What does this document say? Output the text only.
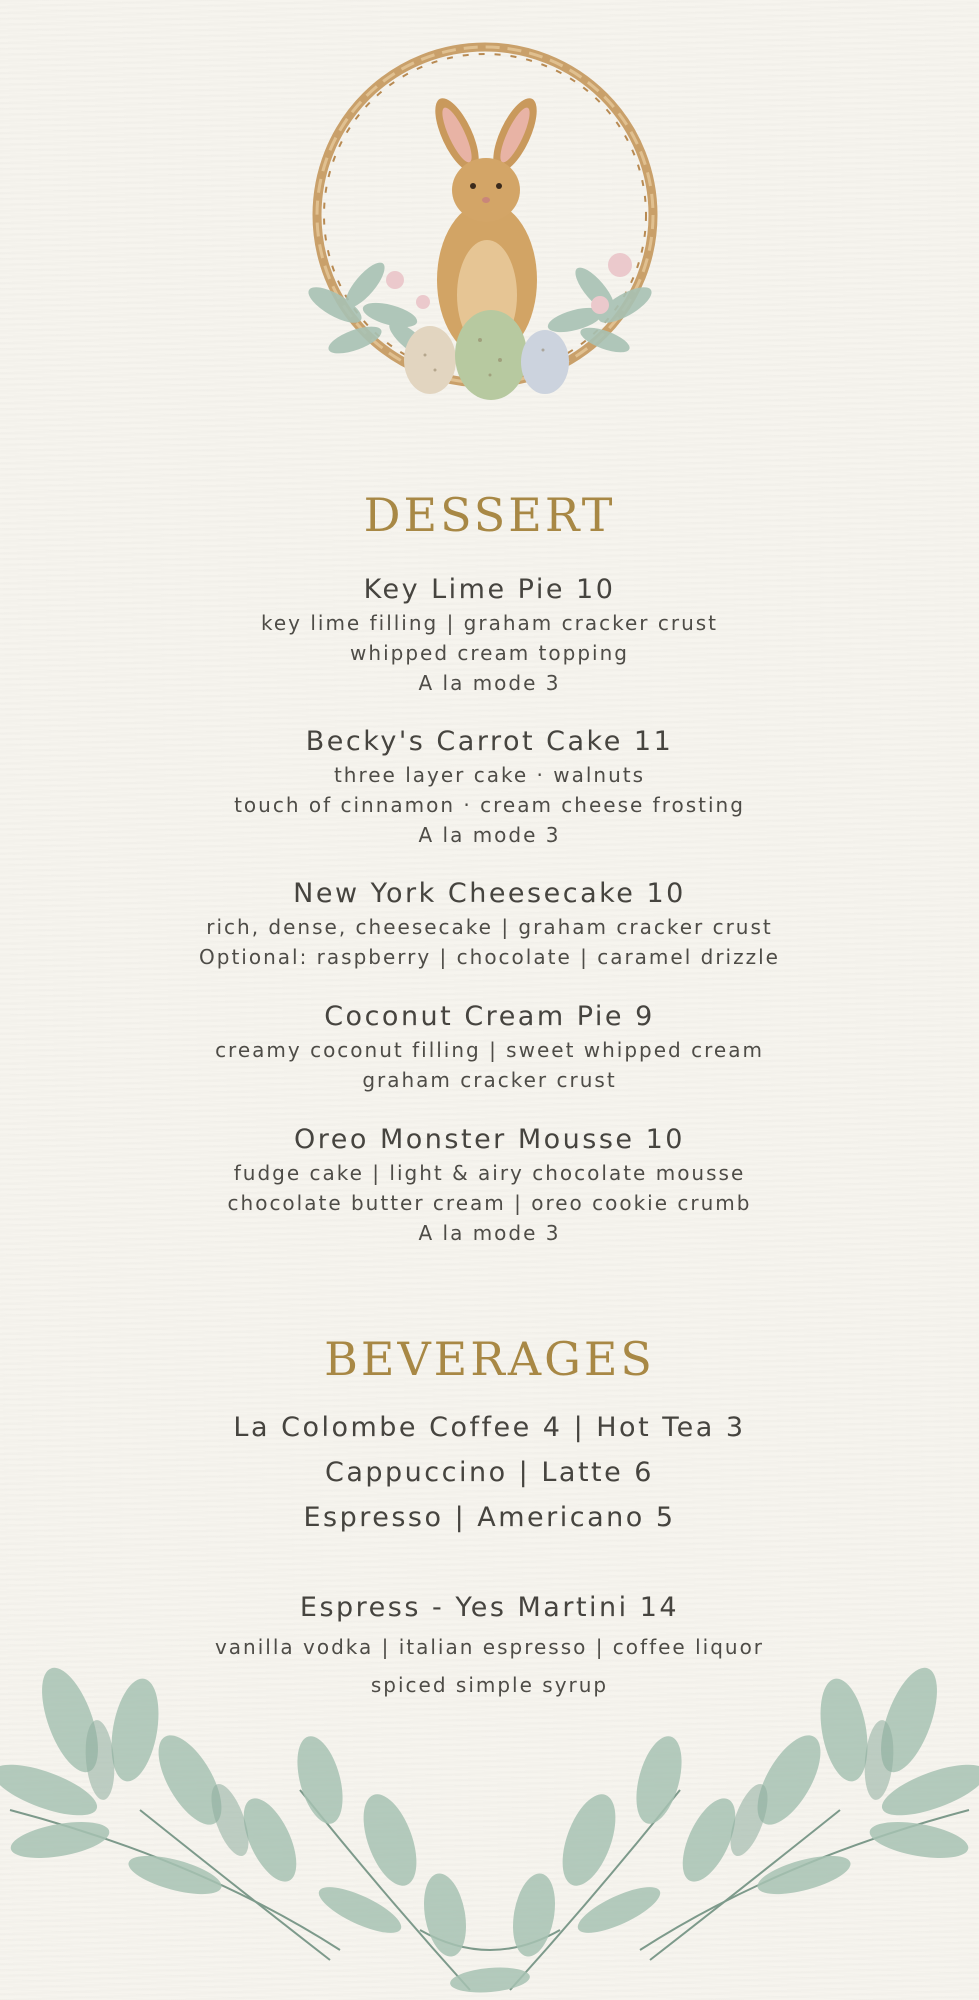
DESSERT
Key Lime Pie 10
key lime filling | graham cracker crust
whipped cream topping
A la mode 3
Becky's Carrot Cake 11
three layer cake · walnuts
touch of cinnamon · cream cheese frosting
A la mode 3
New York Cheesecake 10
rich, dense, cheesecake | graham cracker crust
Optional: raspberry | chocolate | caramel drizzle
Coconut Cream Pie 9
creamy coconut filling | sweet whipped cream
graham cracker crust
Oreo Monster Mousse 10
fudge cake | light & airy chocolate mousse
chocolate butter cream | oreo cookie crumb
A la mode 3
BEVERAGES
La Colombe Coffee 4 | Hot Tea 3
Cappuccino | Latte 6
Espresso | Americano 5
Espress - Yes Martini 14
vanilla vodka | italian espresso | coffee liquor
spiced simple syrup
